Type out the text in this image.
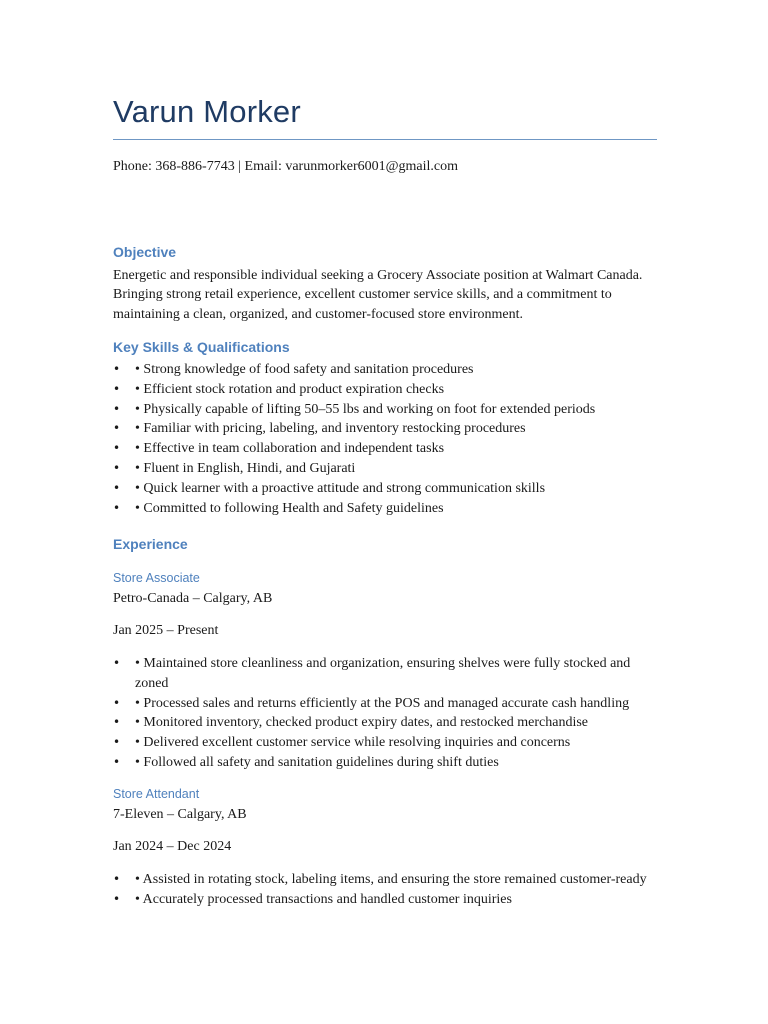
Varun Morker
Phone: 368-886-7743 | Email: varunmorker6001@gmail.com
Objective
Energetic and responsible individual seeking a Grocery Associate position at Walmart Canada. Bringing strong retail experience, excellent customer service skills, and a commitment to maintaining a clean, organized, and customer-focused store environment.
Key Skills & Qualifications
• • Strong knowledge of food safety and sanitation procedures
• • Efficient stock rotation and product expiration checks
• • Physically capable of lifting 50–55 lbs and working on foot for extended periods
• • Familiar with pricing, labeling, and inventory restocking procedures
• • Effective in team collaboration and independent tasks
• • Fluent in English, Hindi, and Gujarati
• • Quick learner with a proactive attitude and strong communication skills
• • Committed to following Health and Safety guidelines
Experience
Store Associate
Petro-Canada – Calgary, AB
Jan 2025 – Present
• • Maintained store cleanliness and organization, ensuring shelves were fully stocked and zoned
• • Processed sales and returns efficiently at the POS and managed accurate cash handling
• • Monitored inventory, checked product expiry dates, and restocked merchandise
• • Delivered excellent customer service while resolving inquiries and concerns
• • Followed all safety and sanitation guidelines during shift duties
Store Attendant
7-Eleven – Calgary, AB
Jan 2024 – Dec 2024
• • Assisted in rotating stock, labeling items, and ensuring the store remained customer-ready
• • Accurately processed transactions and handled customer inquiries
